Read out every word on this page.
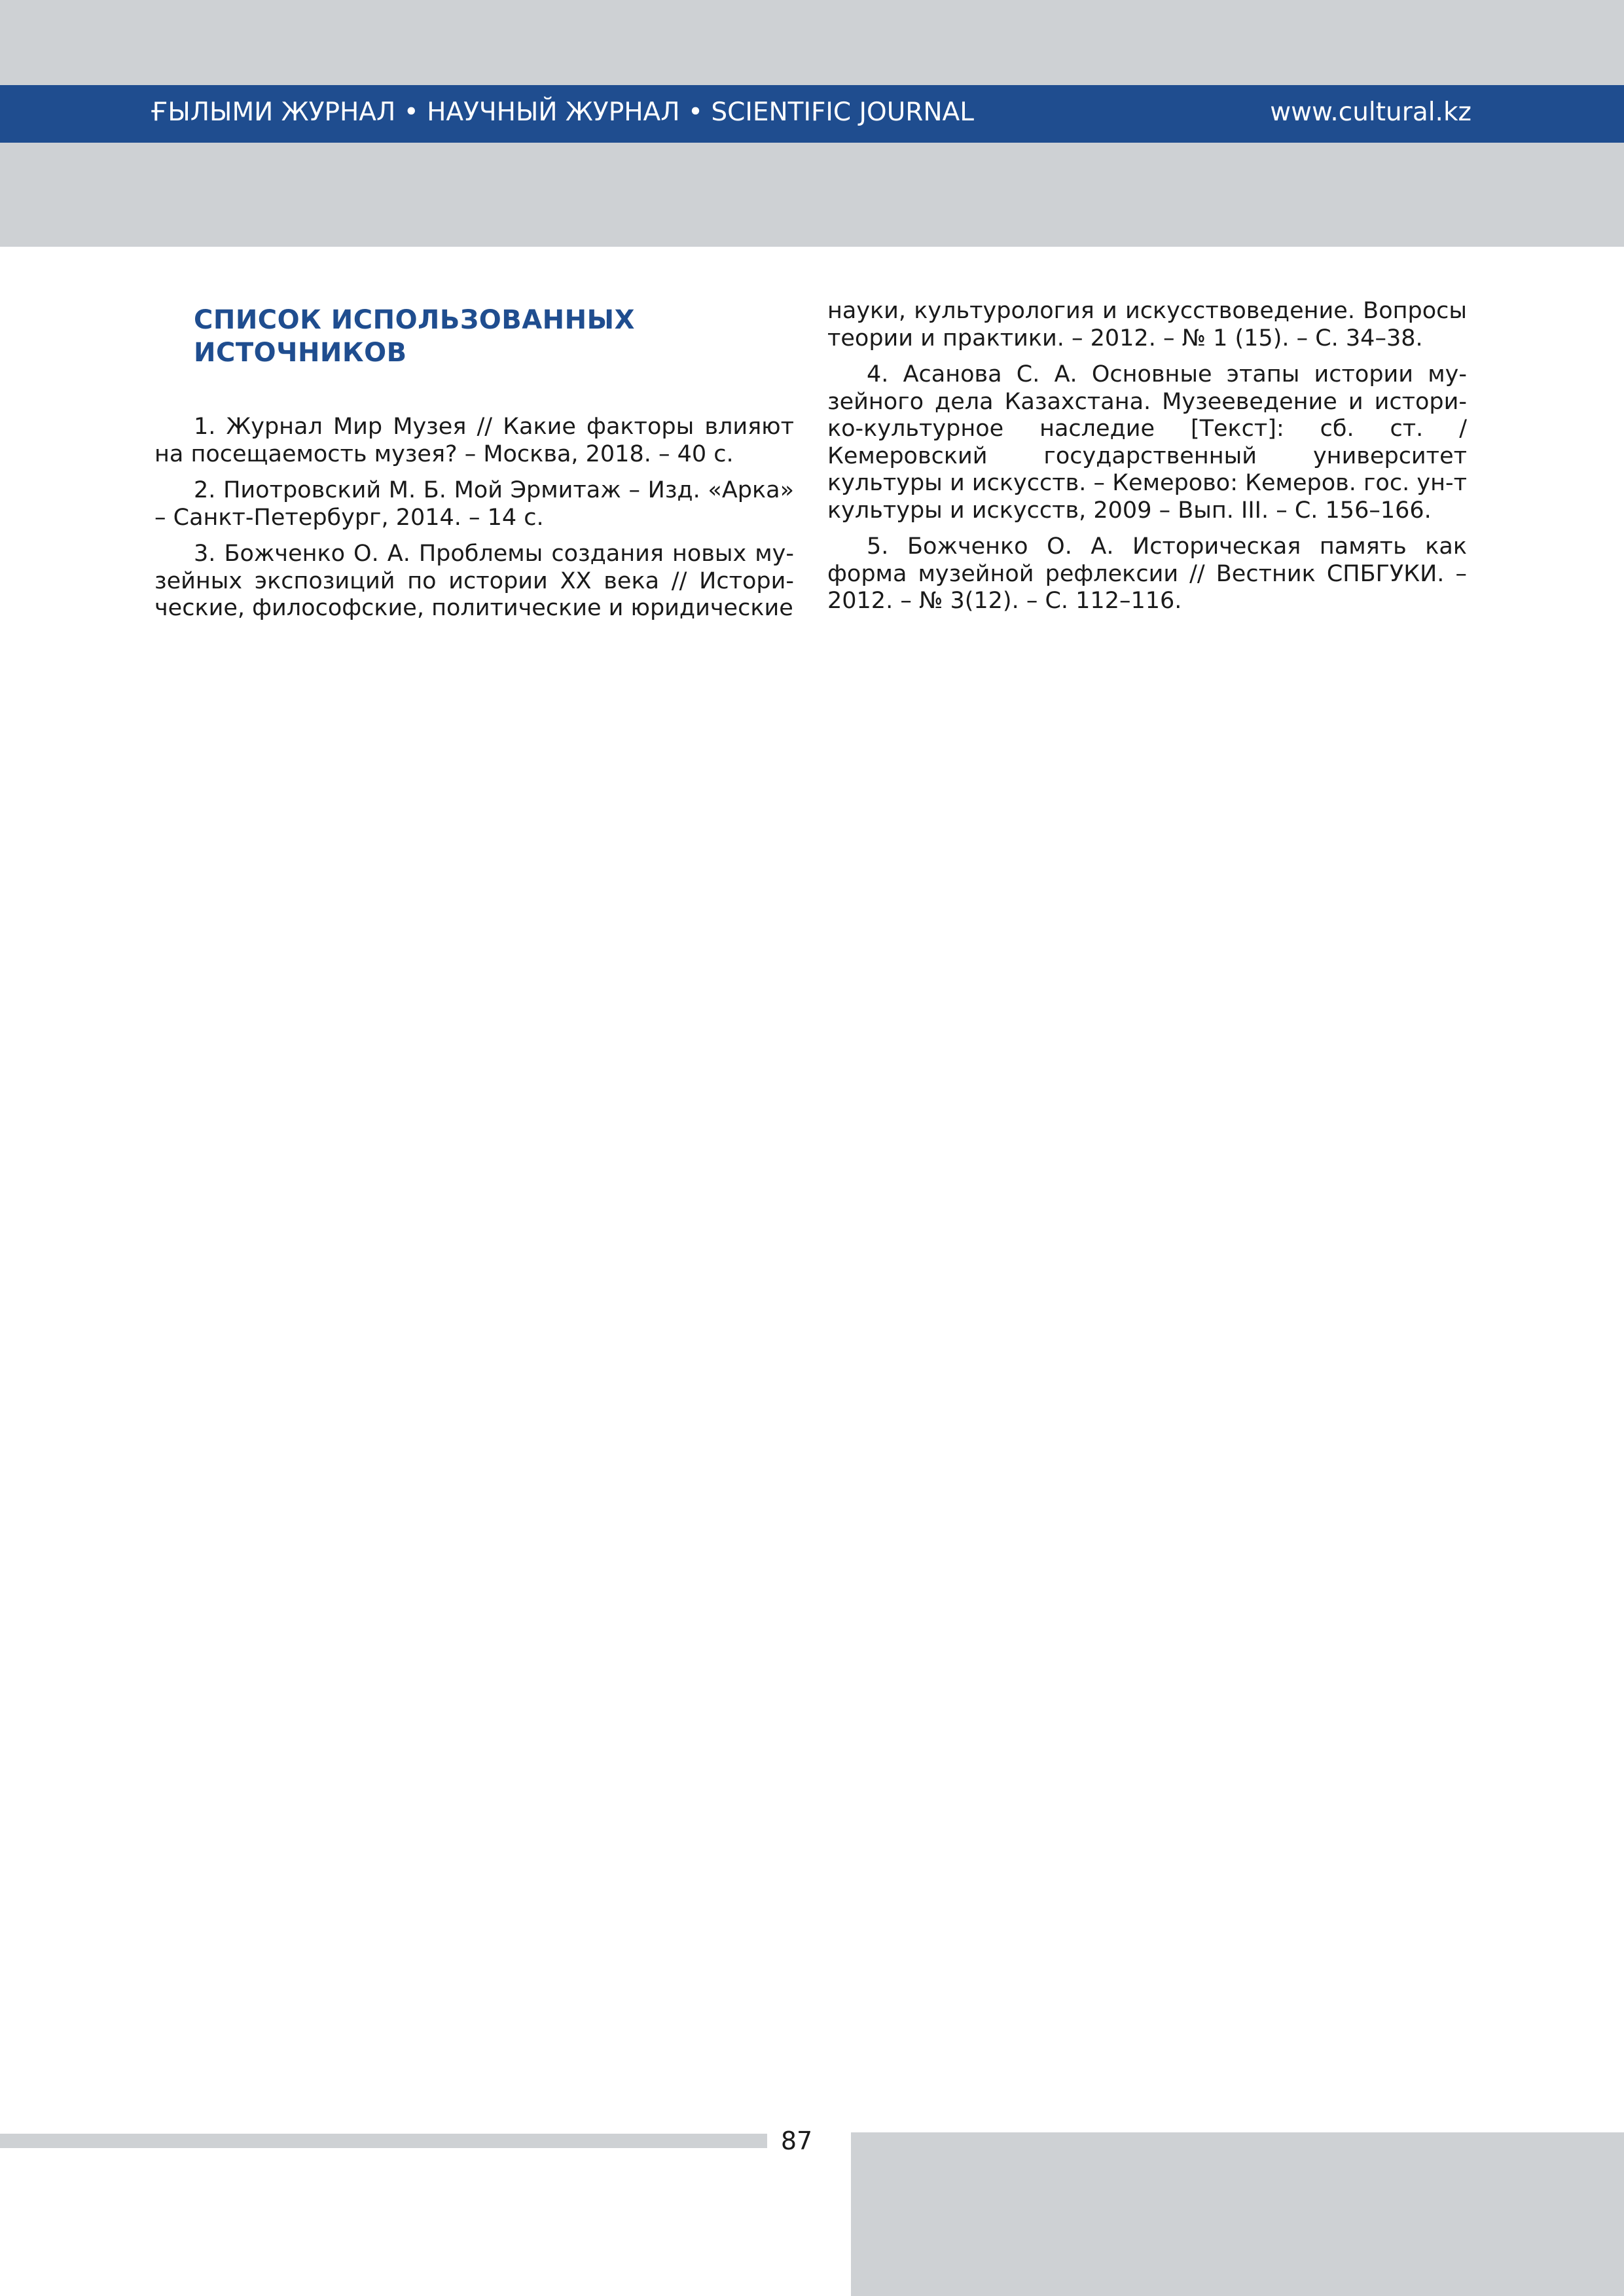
ҒЫЛЫМИ ЖУРНАЛ • НАУЧНЫЙ ЖУРНАЛ • SCIENTIFIC JOURNAL	www.cultural.kz
СПИСОК ИСПОЛЬЗОВАННЫХ ИСТОЧНИКОВ

1. Журнал Мир Музея // Какие факторы влияют на посещаемость музея? – Москва, 2018. – 40 с.

2. Пиотровский М. Б. Мой Эрмитаж – Изд. «Арка» – Санкт-Петербург, 2014. – 14 с.

3. Божченко О. А. Проблемы создания новых музейных экспозиций по истории XX века // Исторические, философские, политические и юридические

науки, культурология и искусствоведение. Вопросы теории и практики. – 2012. – № 1 (15). – С. 34–38.

4. Асанова С. А. Основные этапы истории музейного дела Казахстана. Музееведение и историко-культурное наследие [Текст]: сб. ст. / Кемеровский государственный университет культуры и искусств. – Кемерово: Кемеров. гос. ун-т культуры и искусств, 2009 – Вып. III. – С. 156–166.

5. Божченко О. А. Историческая память как форма музейной рефлексии // Вестник СПБГУКИ. – 2012. – № 3(12). – С. 112–116.

87
